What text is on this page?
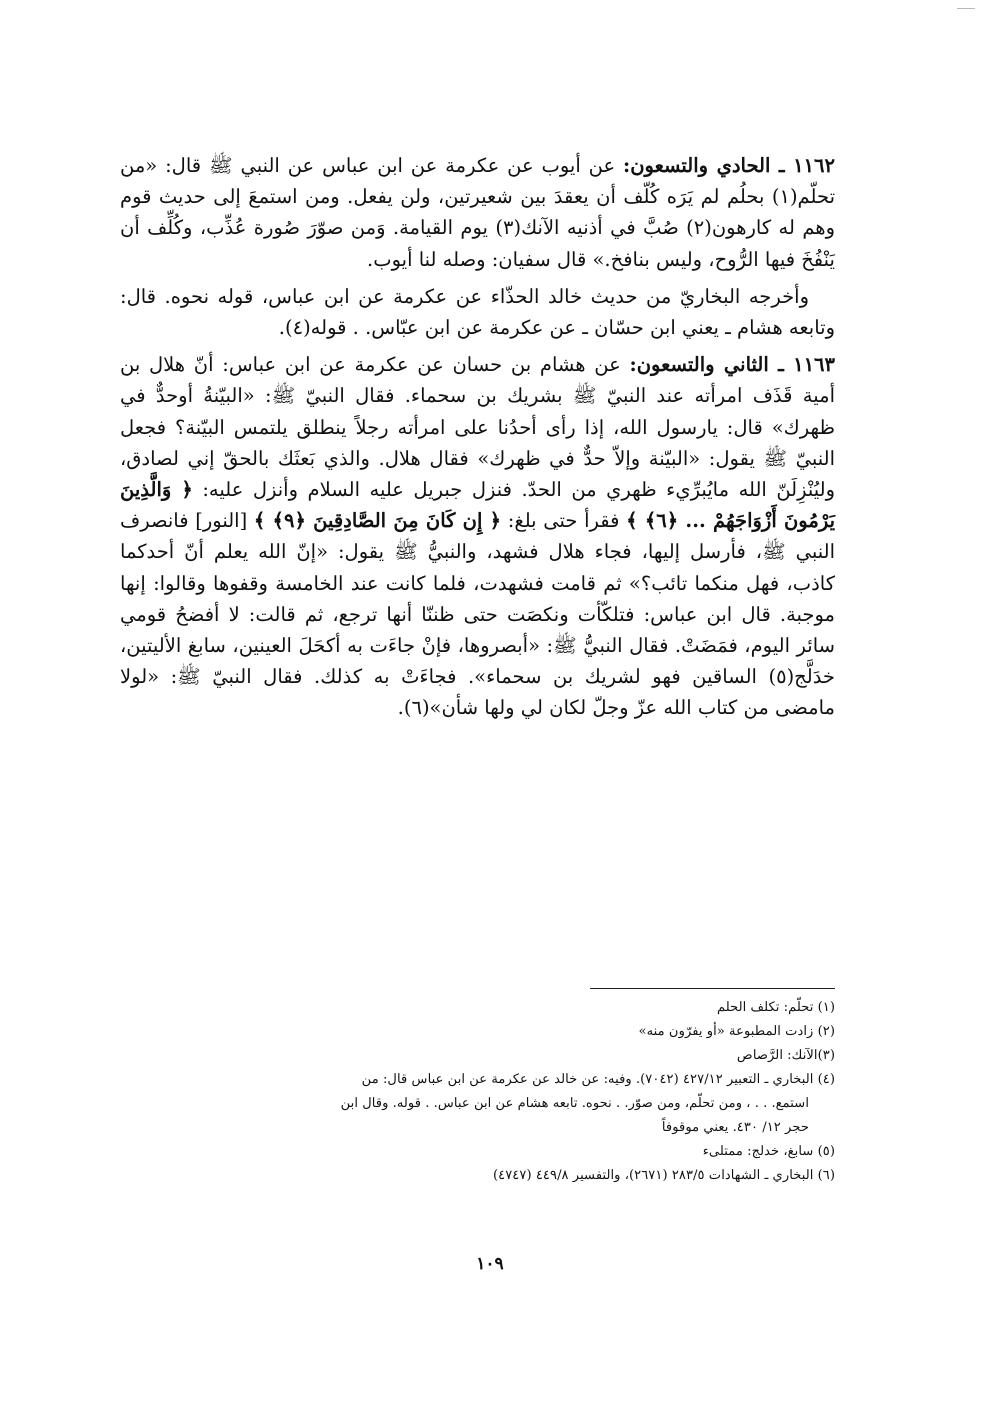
١١٦٢ ـ الحادي والتسعون: عن أيوب عن عكرمة عن ابن عباس عن النبي ﷺ قال: «من تحلّم(١) بحلُم لم يَرَه كُلّف أن يعقدَ بين شعيرتين، ولن يفعل. ومن استمعَ إلى حديث قوم وهم له كارهون(٢) صُبَّ في أذنيه الآنك(٣) يوم القيامة. وَمن صوّرَ صُورة عُذِّب، وكُلِّف أن يَنْفُخَ فيها الرُّوح، وليس بنافخ.» قال سفيان: وصله لنا أيوب.

وأخرجه البخاريّ من حديث خالد الحذّاء عن عكرمة عن ابن عباس، قوله نحوه. قال: وتابعه هشام ـ يعني ابن حسّان ـ عن عكرمة عن ابن عبّاس. . قوله(٤).

١١٦٣ ـ الثاني والتسعون: عن هشام بن حسان عن عكرمة عن ابن عباس: أنّ هلال بن أمية قَذَف امرأته عند النبيّ ﷺ بشريك بن سحماء. فقال النبيّ ﷺ: «البيّنةُ أوحدٌّ في ظهرك» قال: يارسول الله، إذا رأى أحدُنا على امرأته رجلاً ينطلق يلتمس البيّنة؟ فجعل النبيّ ﷺ يقول: «البيّنة وإلاّ حدٌّ في ظهرك» فقال هلال. والذي بَعثَك بالحقّ إني لصادق، وليُنْزِلَنّ الله مايُبرِّيء ظهري من الحدّ. فنزل جبريل عليه السلام وأنزل عليه: ﴿ وَالَّذِينَ يَرْمُونَ أَزْوَاجَهُمْ ... ﴿٦﴾ ﴾ فقرأ حتى بلغ: ﴿ إِن كَانَ مِنَ الصَّادِقِينَ ﴿٩﴾ ﴾ [النور] فانصرف النبي ﷺ، فأرسل إليها، فجاء هلال فشهد، والنبيُّ ﷺ يقول: «إنّ الله يعلم أنّ أحدكما كاذب، فهل منكما تائب؟» ثم قامت فشهدت، فلما كانت عند الخامسة وقفوها وقالوا: إنها موجبة. قال ابن عباس: فتلكّأت ونكصَت حتى ظننّا أنها ترجع، ثم قالت: لا أفضحُ قومي سائر اليوم، فمَضَتْ. فقال النبيُّ ﷺ: «أبصروها، فإنْ جاءَت به أكحَلَ العينين، سابغ الأليتين، خدَلَّج(٥) الساقين فهو لشريك بن سحماء». فجاءَتْ به كذلك. فقال النبيّ ﷺ: «لولا مامضى من كتاب الله عزّ وجلّ لكان لي ولها شأن»(٦).

(١) تحلّم: تكلف الحلم

(٢) زادت المطبوعة «أو يفرّون منه»

(٣)الآنك: الرَّصاص

(٤) البخاري ـ التعبير ٤٢٧/١٢ (٧٠٤٢). وفيه: عن خالد عن عكرمة عن ابن عباس قال: من

استمع. . . ، ومن تحلّم، ومن صوّر. . نحوه. تابعه هشام عن ابن عباس. . قوله. وقال ابن

حجر ١٢/ ٤٣٠. يعني موقوفاً

(٥) سابغ، خدلج: ممتلىء

(٦) البخاري ـ الشهادات ٢٨٣/٥ (٢٦٧١)، والتفسير ٤٤٩/٨ (٤٧٤٧)

١٠٩
